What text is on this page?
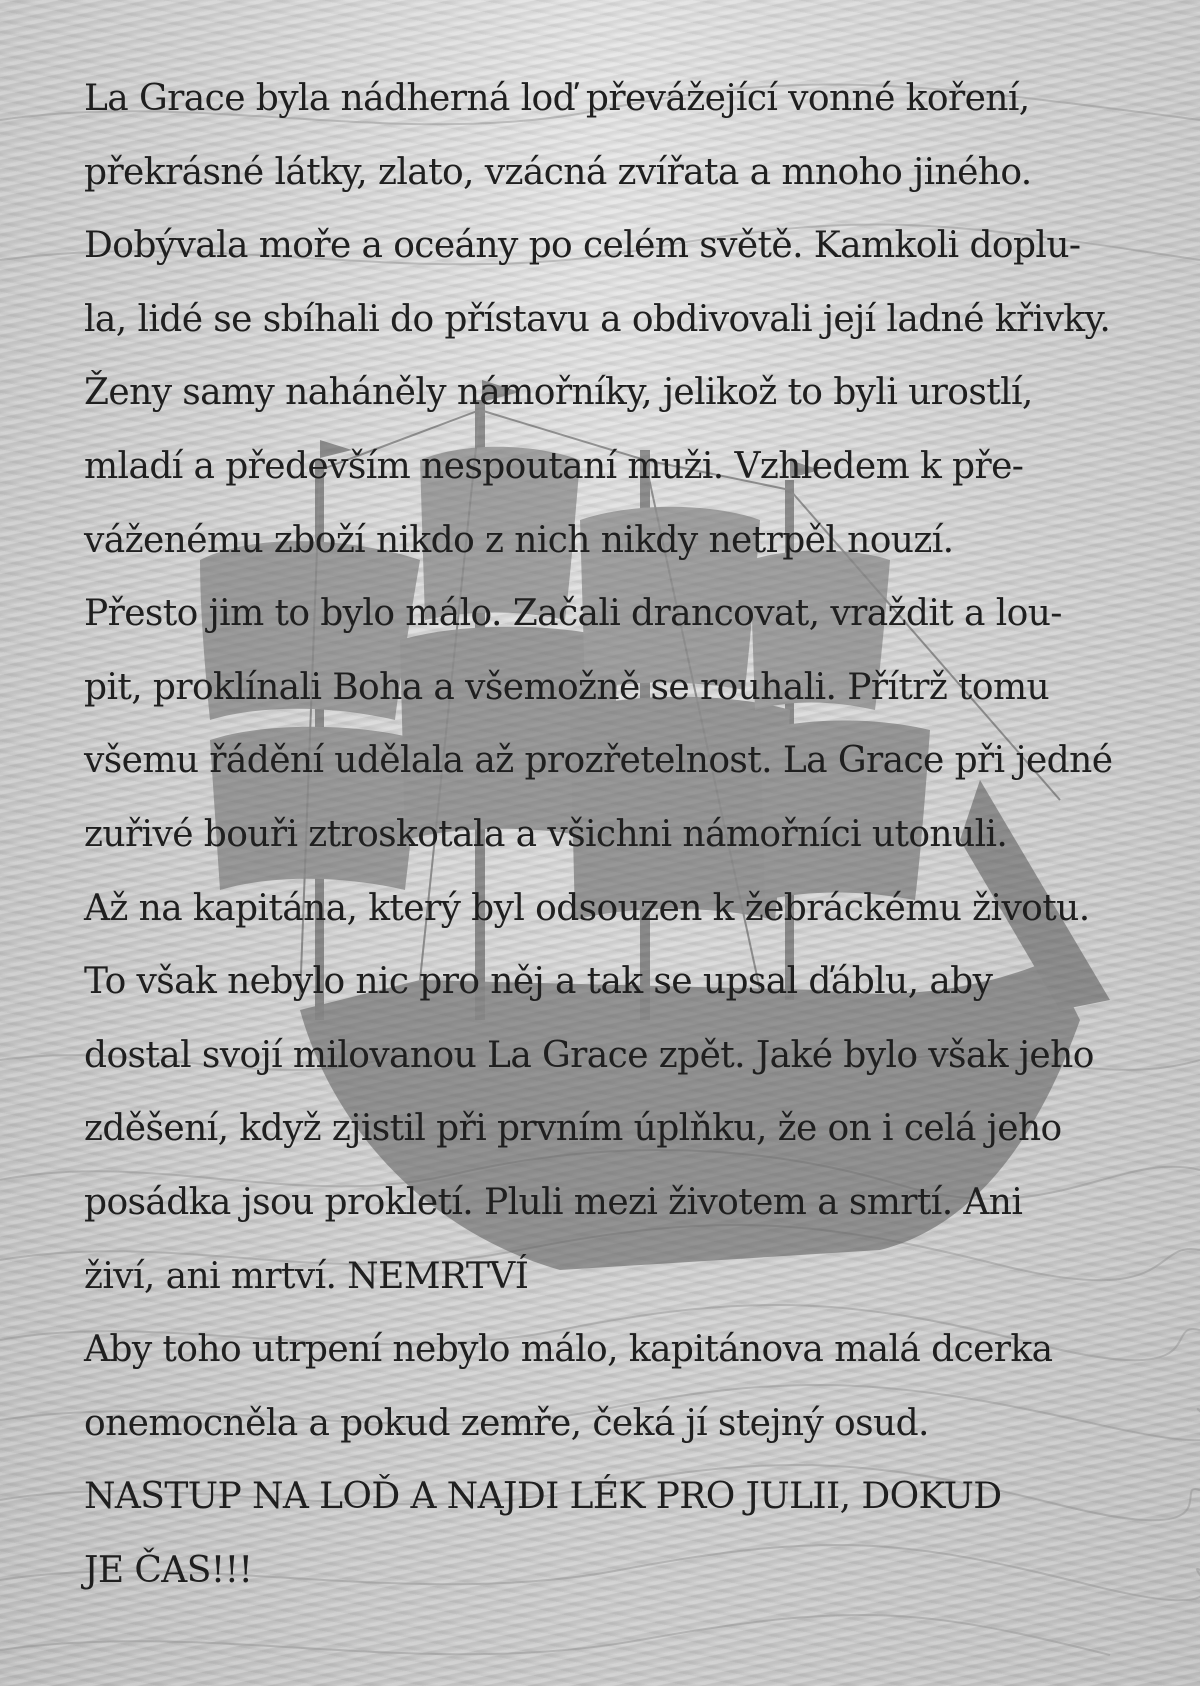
La Grace byla nádherná loď převážející vonné koření,
překrásné látky, zlato, vzácná zvířata a mnoho jiného.
Dobývala moře a oceány po celém světě. Kamkoli doplu-
la, lidé se sbíhali do přístavu a obdivovali její ladné křivky.
Ženy samy naháněly námořníky, jelikož to byli urostlí,
mladí a především nespoutaní muži. Vzhledem k pře-
váženému zboží nikdo z nich nikdy netrpěl nouzí.
Přesto jim to bylo málo. Začali drancovat, vraždit a lou-
pit, proklínali Boha a všemožně se rouhali. Přítrž tomu
všemu řádění udělala až prozřetelnost. La Grace při jedné
zuřivé bouři ztroskotala a všichni námořníci utonuli.
Až na kapitána, který byl odsouzen k žebráckému životu.
To však nebylo nic pro něj a tak se upsal ďáblu, aby
dostal svojí milovanou La Grace zpět. Jaké bylo však jeho
zděšení, když zjistil při prvním úplňku, že on i celá jeho
posádka jsou prokletí. Pluli mezi životem a smrtí. Ani
živí, ani mrtví. NEMRTVÍ
Aby toho utrpení nebylo málo, kapitánova malá dcerka
onemocněla a pokud zemře, čeká jí stejný osud.
NASTUP NA LOĎ A NAJDI LÉK PRO JULII, DOKUD
JE ČAS!!!
